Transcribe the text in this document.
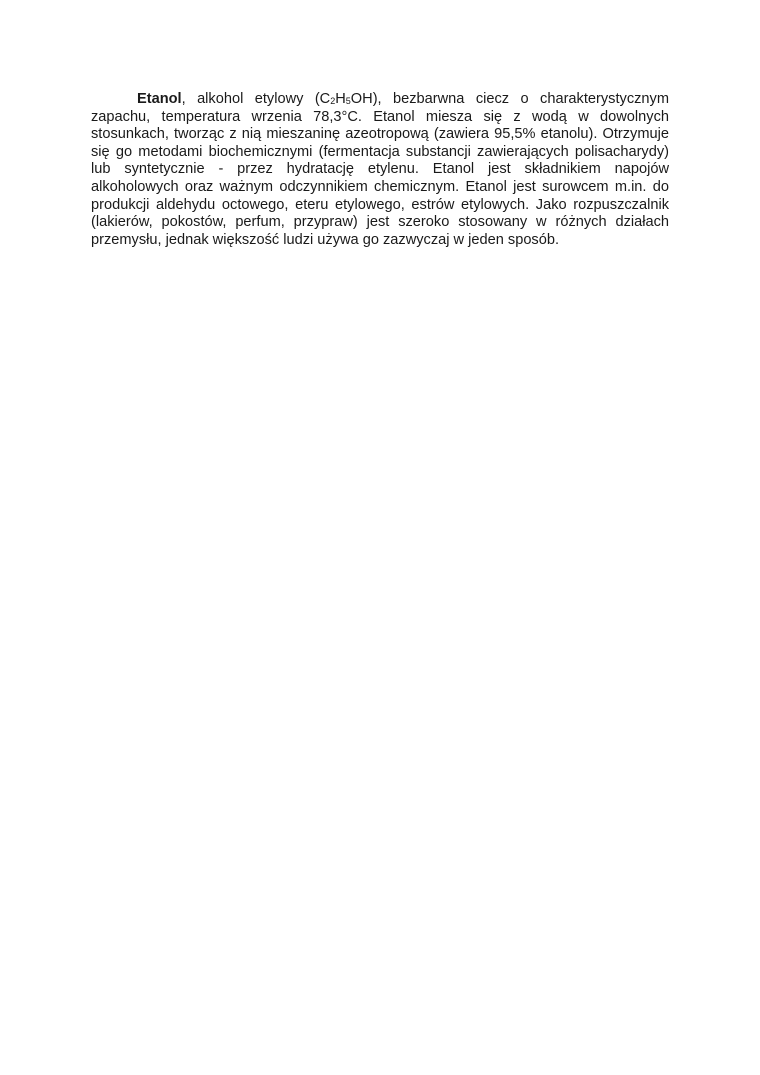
Etanol, alkohol etylowy $(C_2H_5OH)$, bezbarwna ciecz o charakterystycznym zapachu, temperatura wrzenia 78,3°C. Etanol miesza się z wodą w dowolnych stosunkach, tworząc z nią mieszaninę azeotropową (zawiera 95,5% etanolu). Otrzymuje się go metodami biochemicznymi (fermentacja substancji zawierających polisacharydy) lub syntetycznie - przez hydratację etylenu. Etanol jest składnikiem napojów alkoholowych oraz ważnym odczynnikiem chemicznym. Etanol jest surowcem m.in. do produkcji aldehydu octowego, eteru etylowego, estrów etylowych. Jako rozpuszczalnik (lakierów, pokostów, perfum, przypraw) jest szeroko stosowany w różnych działach przemysłu, jednak większość ludzi używa go zazwyczaj w jeden sposób.
